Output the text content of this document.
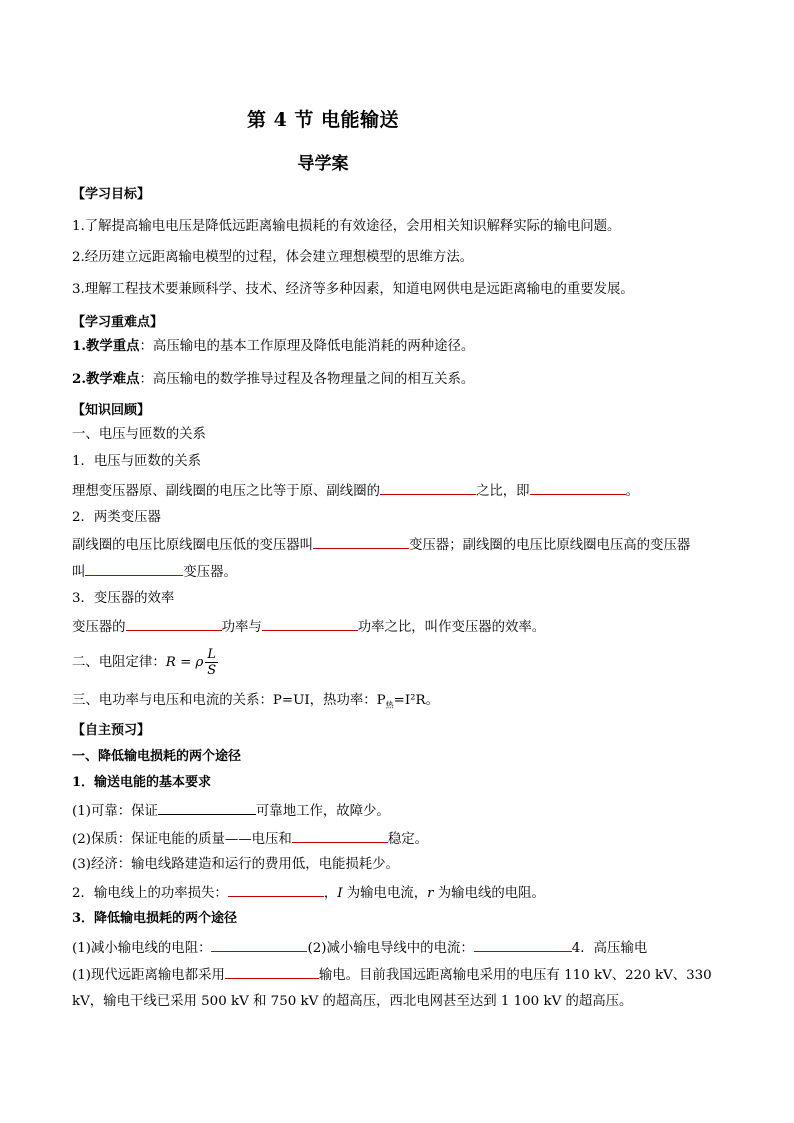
第 4 节 电能输送
导学案
【学习目标】
1.了解提高输电电压是降低远距离输电损耗的有效途径，会用相关知识解释实际的输电问题。
2.经历建立远距离输电模型的过程，体会建立理想模型的思维方法。
3.理解工程技术要兼顾科学、技术、经济等多种因素，知道电网供电是远距离输电的重要发展。
【学习重难点】
1.教学重点：高压输电的基本工作原理及降低电能消耗的两种途径。
2.教学难点：高压输电的数学推导过程及各物理量之间的相互关系。
【知识回顾】
一、电压与匝数的关系
1．电压与匝数的关系
理想变压器原、副线圈的电压之比等于原、副线圈的	之比，即	。
2．两类变压器
副线圈的电压比原线圈电压低的变压器叫	变压器；副线圈的电压比原线圈电压高的变压器
叫	变压器。
3．变压器的效率
变压器的	功率与	功率之比，叫作变压器的效率。
二、电阻定律：R = ρ $\frac{L}{S}$
三、电功率与电压和电流的关系：P=UI，热功率：$P_热=I^2R$。
【自主预习】
一、降低输电损耗的两个途径
1．输送电能的基本要求
(1)可靠：保证	可靠地工作，故障少。
(2)保质：保证电能的质量——电压和	稳定。
(3)经济：输电线路建造和运行的费用低，电能损耗少。
2．输电线上的功率损失：	，I 为输电电流，r 为输电线的电阻。
3．降低输电损耗的两个途径
(1)减小输电线的电阻：	(2)减小输电导线中的电流：	4．高压输电
(1)现代远距离输电都采用	输电。目前我国远距离输电采用的电压有 110 kV、220 kV、330
kV，输电干线已采用 500 kV 和 750 kV 的超高压，西北电网甚至达到 1 100 kV 的超高压。
